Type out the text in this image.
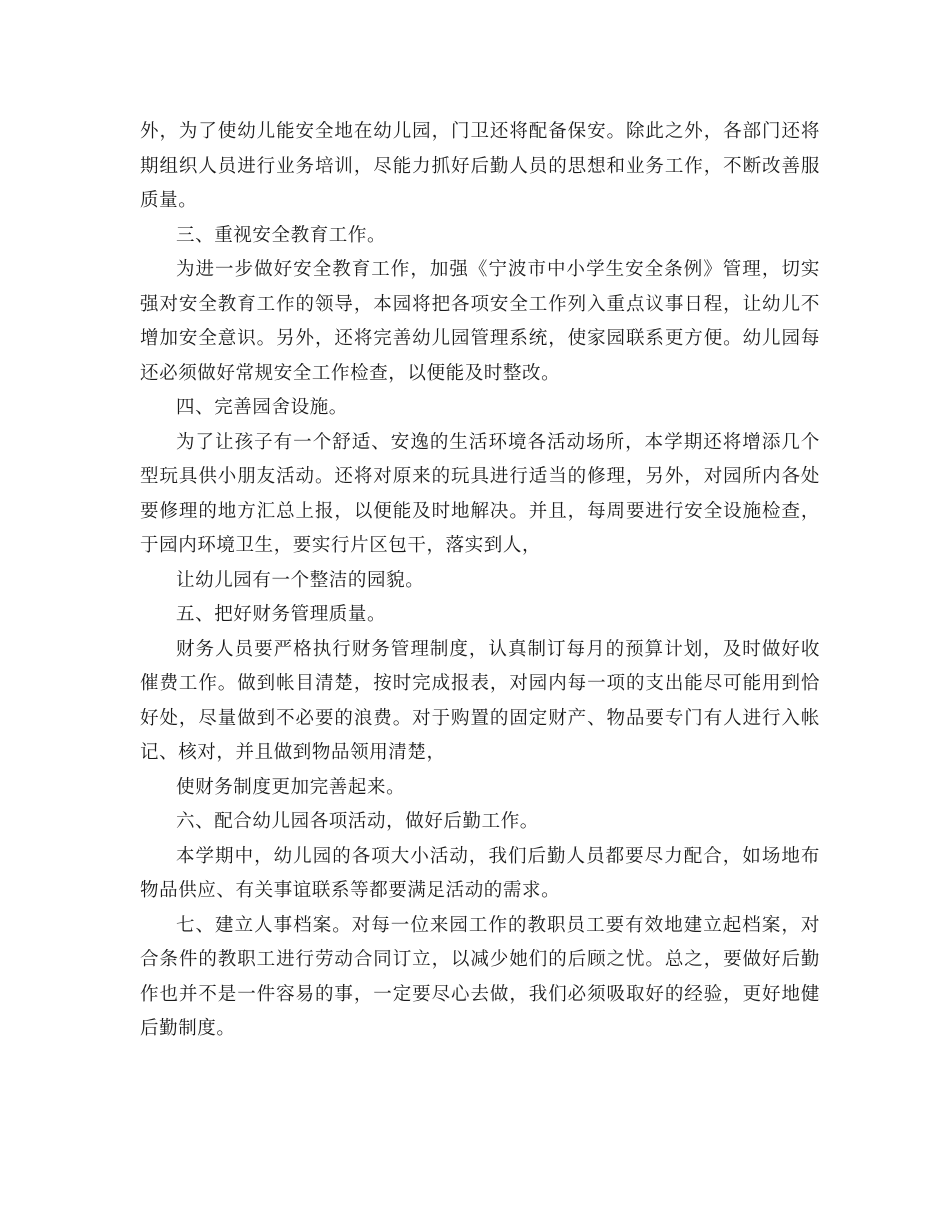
外，为了使幼儿能安全地在幼儿园，门卫还将配备保安。除此之外，各部门还将
期组织人员进行业务培训，尽能力抓好后勤人员的思想和业务工作，不断改善服
质量。
三、重视安全教育工作。
为进一步做好安全教育工作，加强《宁波市中小学生安全条例》管理，切实
强对安全教育工作的领导，本园将把各项安全工作列入重点议事日程，让幼儿不
增加安全意识。另外，还将完善幼儿园管理系统，使家园联系更方便。幼儿园每
还必须做好常规安全工作检查，以便能及时整改。
四、完善园舍设施。
为了让孩子有一个舒适、安逸的生活环境各活动场所，本学期还将增添几个
型玩具供小朋友活动。还将对原来的玩具进行适当的修理，另外，对园所内各处
要修理的地方汇总上报，以便能及时地解决。并且，每周要进行安全设施检查，
于园内环境卫生，要实行片区包干，落实到人，
让幼儿园有一个整洁的园貌。
五、把好财务管理质量。
财务人员要严格执行财务管理制度，认真制订每月的预算计划，及时做好收
催费工作。做到帐目清楚，按时完成报表，对园内每一项的支出能尽可能用到恰
好处，尽量做到不必要的浪费。对于购置的固定财产、物品要专门有人进行入帐
记、核对，并且做到物品领用清楚，
使财务制度更加完善起来。
六、配合幼儿园各项活动，做好后勤工作。
本学期中，幼儿园的各项大小活动，我们后勤人员都要尽力配合，如场地布
物品供应、有关事谊联系等都要满足活动的需求。
七、建立人事档案。对每一位来园工作的教职员工要有效地建立起档案，对
合条件的教职工进行劳动合同订立，以减少她们的后顾之忧。总之，要做好后勤
作也并不是一件容易的事，一定要尽心去做，我们必须吸取好的经验，更好地健
后勤制度。
